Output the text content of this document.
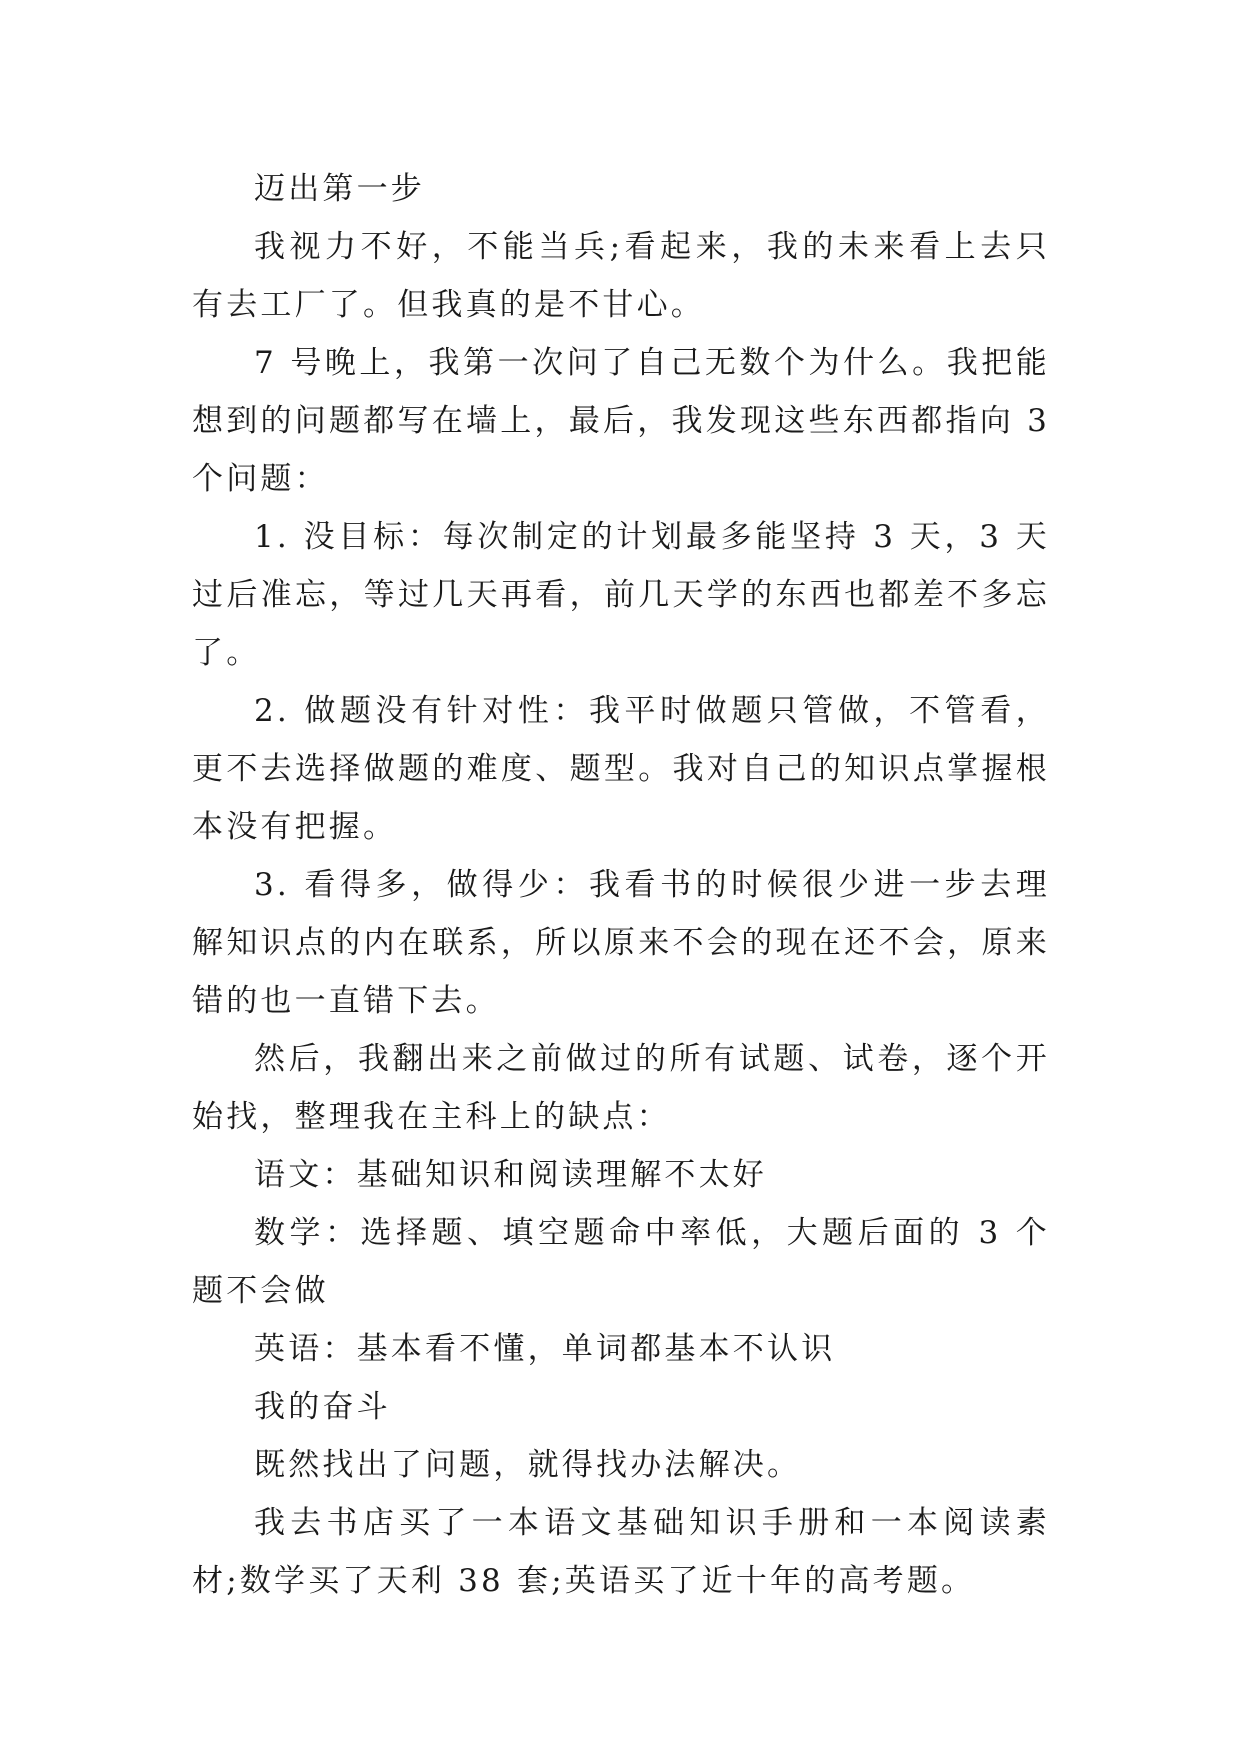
迈出第一步

我视力不好，不能当兵;看起来，我的未来看上去只有去工厂了。但我真的是不甘心。

7 号晚上，我第一次问了自己无数个为什么。我把能想到的问题都写在墙上，最后，我发现这些东西都指向 3 个问题：

1. 没目标：每次制定的计划最多能坚持 3 天，3 天过后准忘，等过几天再看，前几天学的东西也都差不多忘了。

2. 做题没有针对性：我平时做题只管做，不管看，更不去选择做题的难度、题型。我对自己的知识点掌握根本没有把握。

3. 看得多，做得少：我看书的时候很少进一步去理解知识点的内在联系，所以原来不会的现在还不会，原来错的也一直错下去。

然后，我翻出来之前做过的所有试题、试卷，逐个开始找，整理我在主科上的缺点：

语文：基础知识和阅读理解不太好

数学：选择题、填空题命中率低，大题后面的 3 个题不会做

英语：基本看不懂，单词都基本不认识

我的奋斗

既然找出了问题，就得找办法解决。

我去书店买了一本语文基础知识手册和一本阅读素材;数学买了天利 38 套;英语买了近十年的高考题。
